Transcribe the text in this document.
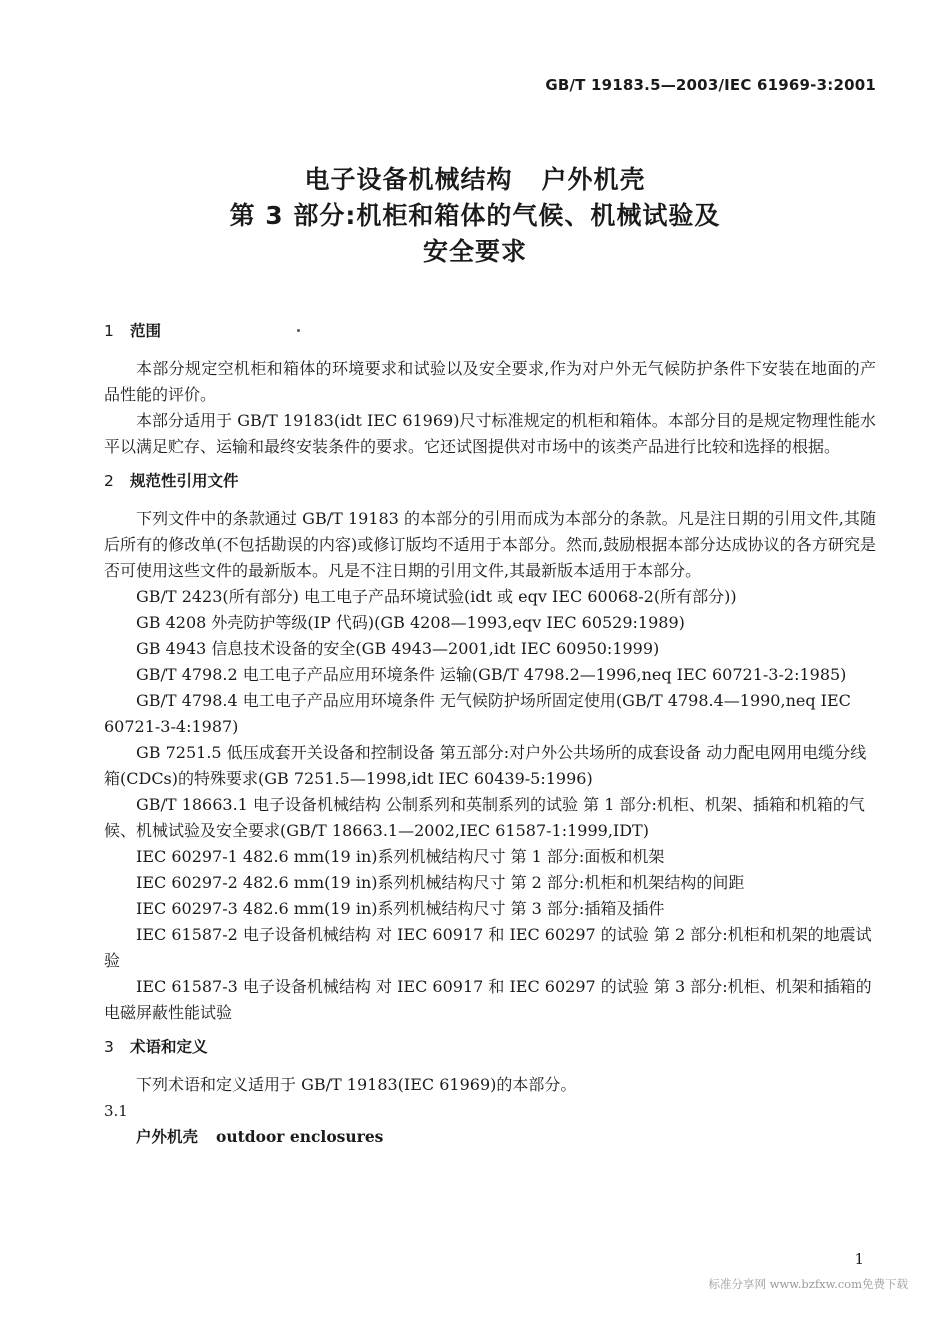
GB/T 19183.5—2003/IEC 61969-3:2001
电子设备机械结构   户外机壳
第 3 部分:机柜和箱体的气候、机械试验及
安全要求

1 范围

本部分规定空机柜和箱体的环境要求和试验以及安全要求,作为对户外无气候防护条件下安装在地面的产品性能的评价。

本部分适用于 GB/T 19183(idt IEC 61969)尺寸标准规定的机柜和箱体。本部分目的是规定物理性能水平以满足贮存、运输和最终安装条件的要求。它还试图提供对市场中的该类产品进行比较和选择的根据。

2 规范性引用文件

下列文件中的条款通过 GB/T 19183 的本部分的引用而成为本部分的条款。凡是注日期的引用文件,其随后所有的修改单(不包括勘误的内容)或修订版均不适用于本部分。然而,鼓励根据本部分达成协议的各方研究是否可使用这些文件的最新版本。凡是不注日期的引用文件,其最新版本适用于本部分。

GB/T 2423(所有部分) 电工电子产品环境试验(idt 或 eqv IEC 60068-2(所有部分))

GB 4208 外壳防护等级(IP 代码)(GB 4208—1993,eqv IEC 60529:1989)

GB 4943 信息技术设备的安全(GB 4943—2001,idt IEC 60950:1999)

GB/T 4798.2 电工电子产品应用环境条件 运输(GB/T 4798.2—1996,neq IEC 60721-3-2:1985)

GB/T 4798.4 电工电子产品应用环境条件 无气候防护场所固定使用(GB/T 4798.4—1990,neq IEC 60721-3-4:1987)

GB 7251.5 低压成套开关设备和控制设备 第五部分:对户外公共场所的成套设备 动力配电网用电缆分线箱(CDCs)的特殊要求(GB 7251.5—1998,idt IEC 60439-5:1996)

GB/T 18663.1 电子设备机械结构 公制系列和英制系列的试验 第 1 部分:机柜、机架、插箱和机箱的气候、机械试验及安全要求(GB/T 18663.1—2002,IEC 61587-1:1999,IDT)

IEC 60297-1 482.6 mm(19 in)系列机械结构尺寸 第 1 部分:面板和机架

IEC 60297-2 482.6 mm(19 in)系列机械结构尺寸 第 2 部分:机柜和机架结构的间距

IEC 60297-3 482.6 mm(19 in)系列机械结构尺寸 第 3 部分:插箱及插件

IEC 61587-2 电子设备机械结构 对 IEC 60917 和 IEC 60297 的试验 第 2 部分:机柜和机架的地震试验

IEC 61587-3 电子设备机械结构 对 IEC 60917 和 IEC 60297 的试验 第 3 部分:机柜、机架和插箱的电磁屏蔽性能试验

3 术语和定义

下列术语和定义适用于 GB/T 19183(IEC 61969)的本部分。

3.1

户外机壳 outdoor enclosures

1
标准分享网 www.bzfxw.com免费下载
